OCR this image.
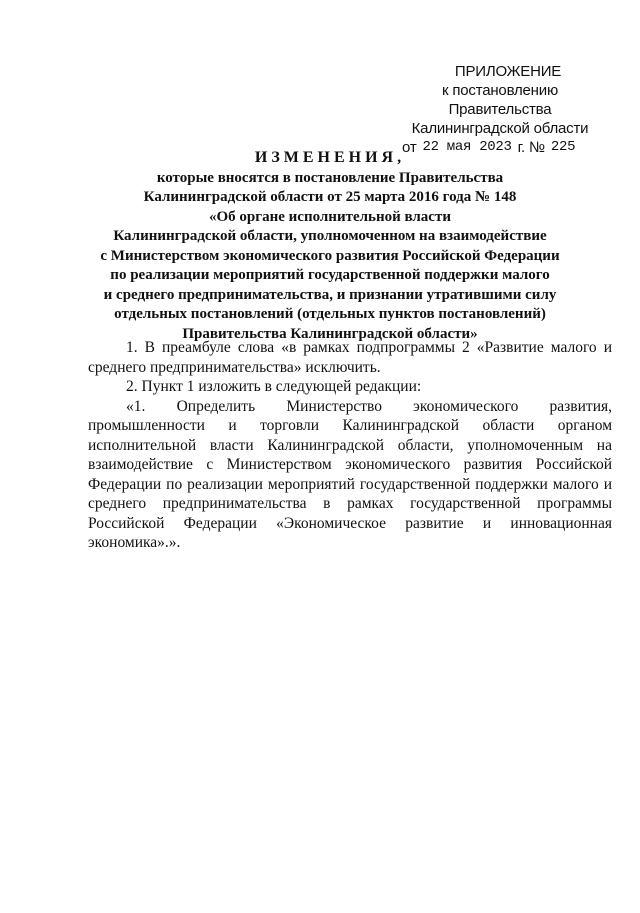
ПРИЛОЖЕНИЕ
к постановлению Правительства
Калининградской области
от 22 мая 2023 г. № 225
ИЗМЕНЕНИЯ,
которые вносятся в постановление Правительства
Калининградской области от 25 марта 2016 года № 148
«Об органе исполнительной власти
Калининградской области, уполномоченном на взаимодействие
с Министерством экономического развития Российской Федерации
по реализации мероприятий государственной поддержки малого
и среднего предпринимательства, и признании утратившими силу
отдельных постановлений (отдельных пунктов постановлений)
Правительства Калининградской области»

1. В преамбуле слова «в рамках подпрограммы 2 «Развитие малого и среднего предпринимательства» исключить.

2. Пункт 1 изложить в следующей редакции:

«1. Определить Министерство экономического развития, промышленности и торговли Калининградской области органом исполнительной власти Калининградской области, уполномоченным на взаимодействие с Министерством экономического развития Российской Федерации по реализации мероприятий государственной поддержки малого и среднего предпринимательства в рамках государственной программы Российской Федерации «Экономическое развитие и инновационная экономика».».
